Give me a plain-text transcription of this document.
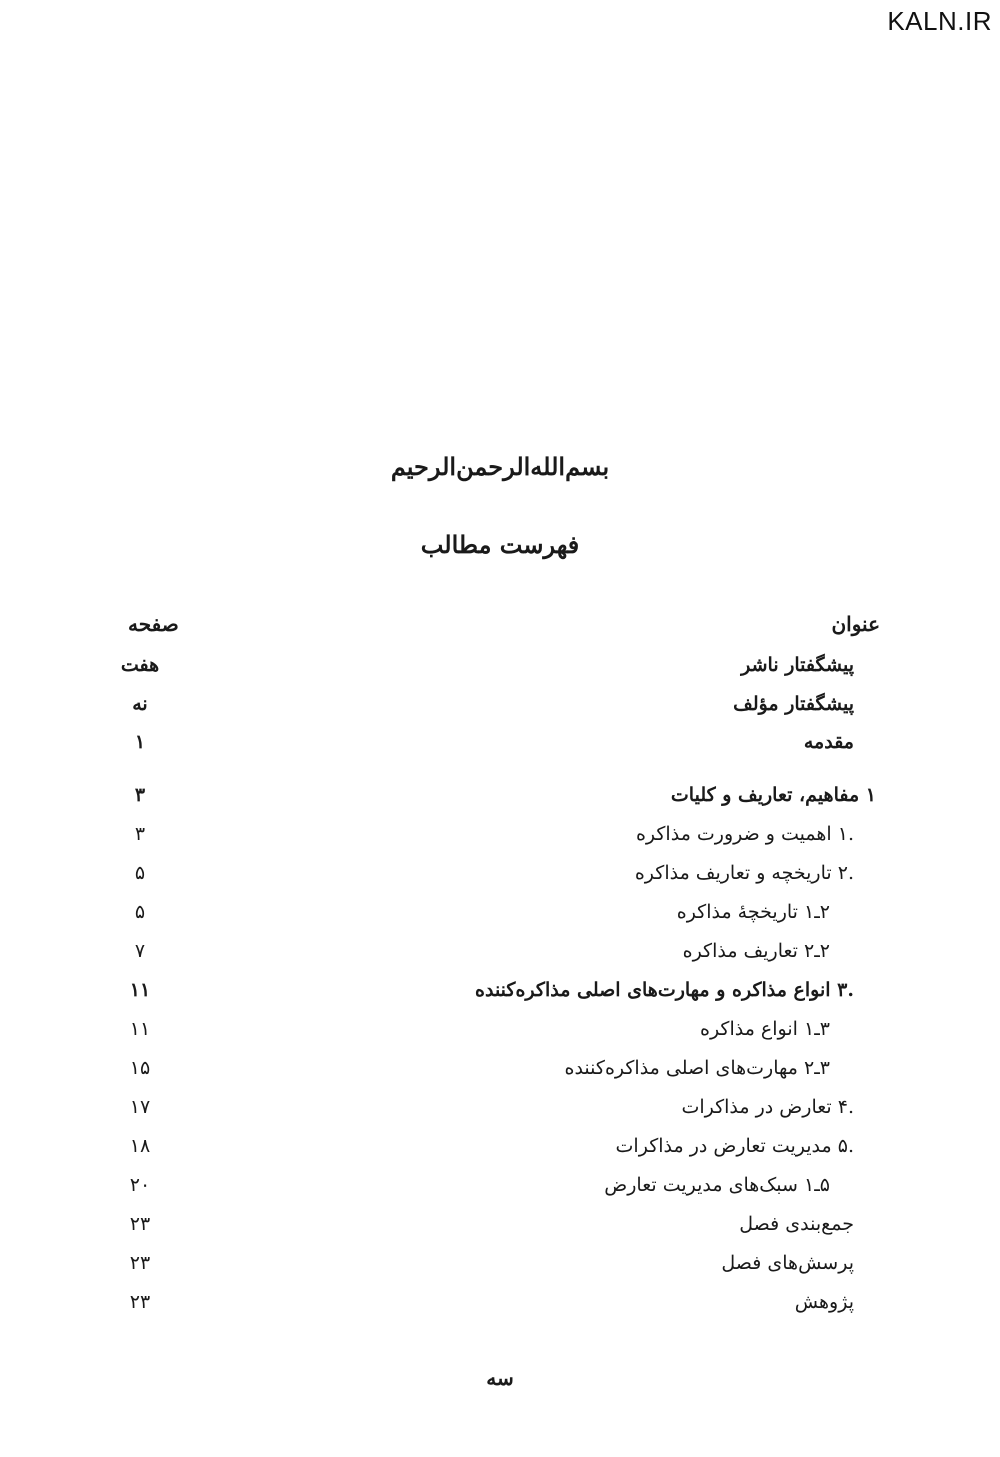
KALN.IR
بسم‌الله‌الرحمن‌الرحیم
فهرست مطالب
عنوان
صفحه
پیشگفتار ناشر
هفت
پیشگفتار مؤلف
نه
مقدمه
۱
۱ مفاهیم، تعاریف و کلیات
۳
.۱ اهمیت و ضرورت مذاکره
۳
.۲ تاریخچه و تعاریف مذاکره
۵
۲ـ۱ تاریخچهٔ مذاکره
۵
۲ـ۲ تعاریف مذاکره
۷
.۳ انواع مذاکره و مهارت‌های اصلی مذاکره‌کننده
۱۱
۳ـ۱ انواع مذاکره
۱۱
۳ـ۲ مهارت‌های اصلی مذاکره‌کننده
۱۵
.۴ تعارض در مذاکرات
۱۷
.۵ مدیریت تعارض در مذاکرات
۱۸
۵ـ۱ سبک‌های مدیریت تعارض
۲۰
جمع‌بندی فصل
۲۳
پرسش‌های فصل
۲۳
پژوهش
۲۳
سه
